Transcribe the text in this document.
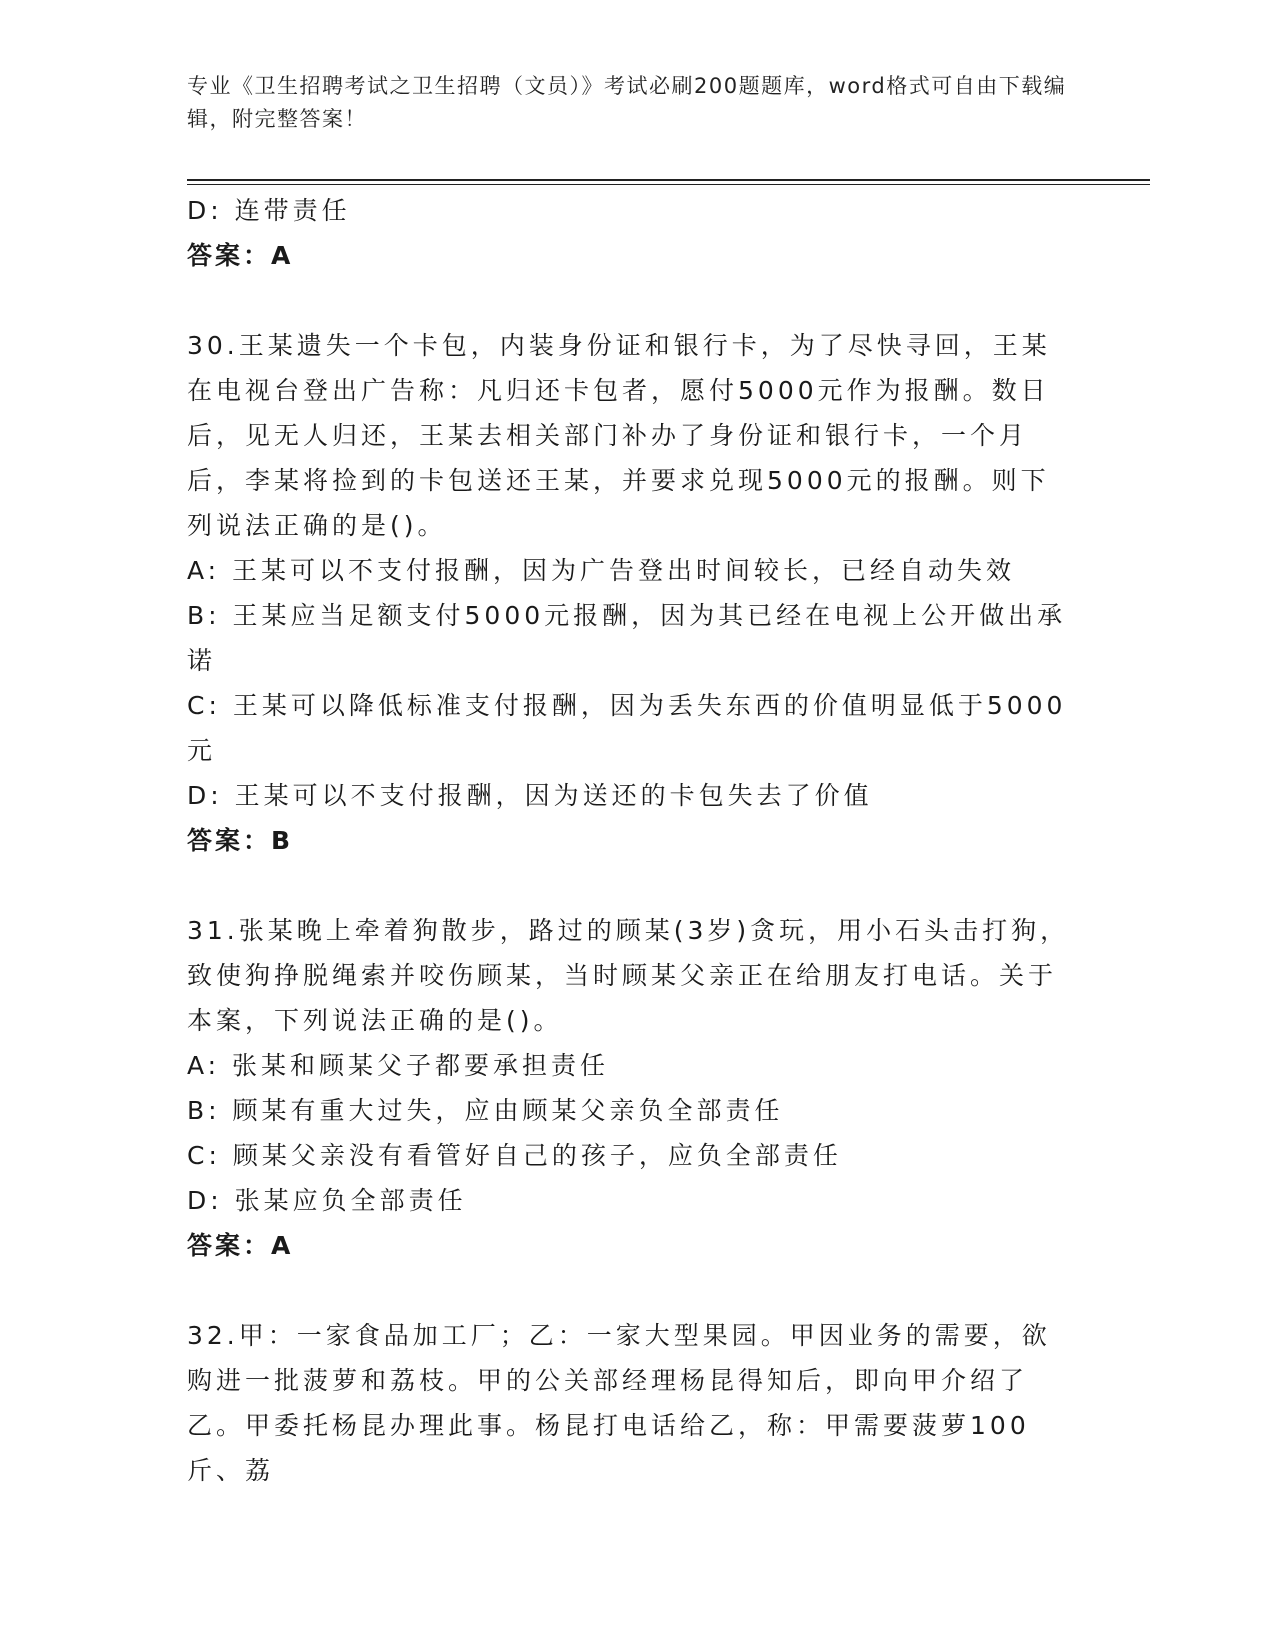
专业《卫生招聘考试之卫生招聘（文员）》考试必刷200题题库，word格式可自由下载编辑，附完整答案！

D: 连带责任

答案：A

30.王某遗失一个卡包，内装身份证和银行卡，为了尽快寻回，王某在电视台登出广告称：凡归还卡包者，愿付5000元作为报酬。数日后，见无人归还，王某去相关部门补办了身份证和银行卡，一个月后，李某将捡到的卡包送还王某，并要求兑现5000元的报酬。则下列说法正确的是()。

A: 王某可以不支付报酬，因为广告登出时间较长，已经自动失效

B: 王某应当足额支付5000元报酬，因为其已经在电视上公开做出承诺

C: 王某可以降低标准支付报酬，因为丢失东西的价值明显低于5000元

D: 王某可以不支付报酬，因为送还的卡包失去了价值

答案：B

31.张某晚上牵着狗散步，路过的顾某(3岁)贪玩，用小石头击打狗，致使狗挣脱绳索并咬伤顾某，当时顾某父亲正在给朋友打电话。关于本案，下列说法正确的是()。

A: 张某和顾某父子都要承担责任

B: 顾某有重大过失，应由顾某父亲负全部责任

C: 顾某父亲没有看管好自己的孩子，应负全部责任

D: 张某应负全部责任

答案：A

32.甲：一家食品加工厂；乙：一家大型果园。甲因业务的需要，欲购进一批菠萝和荔枝。甲的公关部经理杨昆得知后，即向甲介绍了乙。甲委托杨昆办理此事。杨昆打电话给乙，称：甲需要菠萝100斤、荔
